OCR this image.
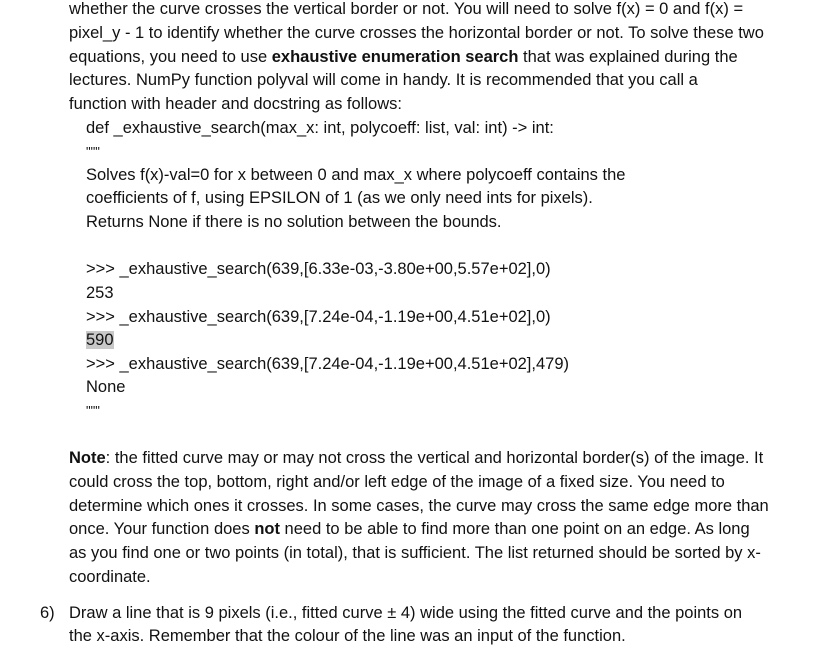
whether the curve crosses the vertical border or not. You will need to solve f(x) = 0 and f(x) =
pixel_y - 1 to identify whether the curve crosses the horizontal border or not. To solve these two
equations, you need to use exhaustive enumeration search that was explained during the
lectures. NumPy function polyval will come in handy. It is recommended that you call a
function with header and docstring as follows:
def _exhaustive_search(max_x: int, polycoeff: list, val: int) -> int:
"""
Solves f(x)-val=0 for x between 0 and max_x where polycoeff contains the
coefficients of f, using EPSILON of 1 (as we only need ints for pixels).
Returns None if there is no solution between the bounds.
>>> _exhaustive_search(639,[6.33e-03,-3.80e+00,5.57e+02],0)
253
>>> _exhaustive_search(639,[7.24e-04,-1.19e+00,4.51e+02],0)
590
>>> _exhaustive_search(639,[7.24e-04,-1.19e+00,4.51e+02],479)
None
"""
Note: the fitted curve may or may not cross the vertical and horizontal border(s) of the image. It
could cross the top, bottom, right and/or left edge of the image of a fixed size. You need to
determine which ones it crosses. In some cases, the curve may cross the same edge more than
once. Your function does not need to be able to find more than one point on an edge. As long
as you find one or two points (in total), that is sufficient. The list returned should be sorted by x-
coordinate.
6) Draw a line that is 9 pixels (i.e., fitted curve ± 4) wide using the fitted curve and the points on
the x-axis. Remember that the colour of the line was an input of the function.
